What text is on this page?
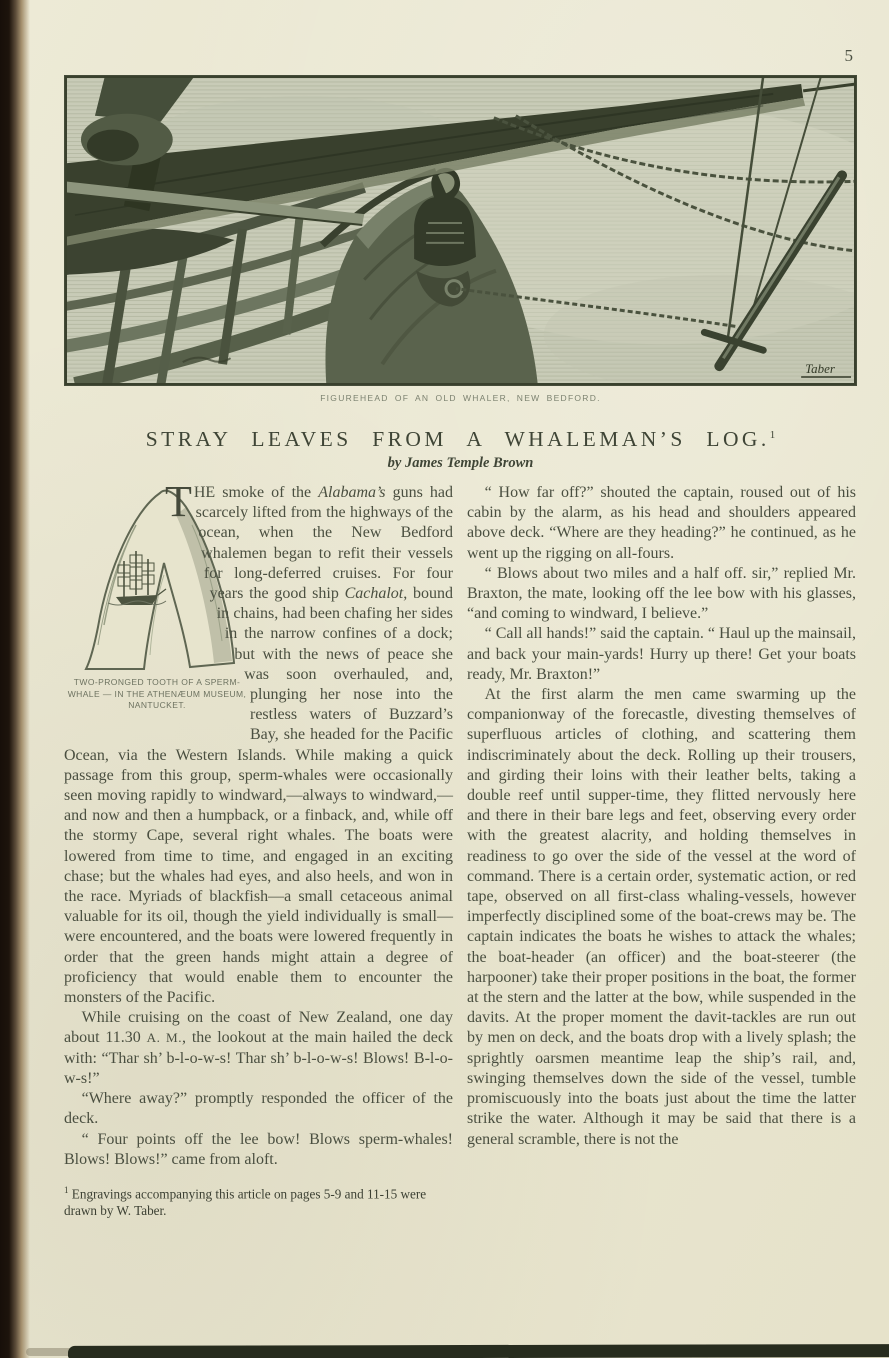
5
Taber
FIGUREHEAD OF AN OLD WHALER, NEW BEDFORD.
STRAY LEAVES FROM A WHALEMAN’S LOG.$^1$
by James Temple Brown
TWO-PRONGED TOOTH OF A SPERM-WHALE — IN THE ATHENÆUM MUSEUM, NANTUCKET.
T HE smoke of the Alabama’s guns had scarcely lifted from the highways of the ocean, when the New Bedford whalemen began to refit their vessels for long-deferred cruises. For four years the good ship Cachalot, bound in chains, had been chafing her sides in the narrow confines of a dock; but with the news of peace she was soon overhauled, and, plunging her nose into the restless waters of Buzzard’s Bay, she headed for the Pacific Ocean, via the Western Islands. While making a quick passage from this group, sperm-whales were occasionally seen moving rapidly to windward,—always to windward,—and now and then a humpback, or a finback, and, while off the stormy Cape, several right whales. The boats were lowered from time to time, and engaged in an exciting chase; but the whales had eyes, and also heels, and won in the race. Myriads of blackfish—a small cetaceous animal valuable for its oil, though the yield individually is small—were encountered, and the boats were lowered frequently in order that the green hands might attain a degree of proficiency that would enable them to encounter the monsters of the Pacific.

While cruising on the coast of New Zealand, one day about 11.30 A. M., the lookout at the main hailed the deck with: “Thar sh’ b-l-o-w-s! Thar sh’ b-l-o-w-s! Blows! B-l-o-w-s!”

“Where away?” promptly responded the officer of the deck.

“ Four points off the lee bow! Blows sperm-whales! Blows! Blows!” came from aloft.

$^1$ Engravings accompanying this article on pages 5-9 and 11-15 were drawn by W. Taber.

“ How far off?” shouted the captain, roused out of his cabin by the alarm, as his head and shoulders appeared above deck. “Where are they heading?” he continued, as he went up the rigging on all-fours.

“ Blows about two miles and a half off. sir,” replied Mr. Braxton, the mate, looking off the lee bow with his glasses, “and coming to windward, I believe.”

“ Call all hands!” said the captain. “ Haul up the mainsail, and back your main-yards! Hurry up there! Get your boats ready, Mr. Braxton!”

At the first alarm the men came swarming up the companionway of the forecastle, divesting themselves of superfluous articles of clothing, and scattering them indiscriminately about the deck. Rolling up their trousers, and girding their loins with their leather belts, taking a double reef until supper-time, they flitted nervously here and there in their bare legs and feet, observing every order with the greatest alacrity, and holding themselves in readiness to go over the side of the vessel at the word of command. There is a certain order, systematic action, or red tape, observed on all first-class whaling-vessels, however imperfectly disciplined some of the boat-crews may be. The captain indicates the boats he wishes to attack the whales; the boat-header (an officer) and the boat-steerer (the harpooner) take their proper positions in the boat, the former at the stern and the latter at the bow, while suspended in the davits. At the proper moment the davit-tackles are run out by men on deck, and the boats drop with a lively splash; the sprightly oarsmen meantime leap the ship’s rail, and, swinging themselves down the side of the vessel, tumble promiscuously into the boats just about the time the latter strike the water. Although it may be said that there is a general scramble, there is not the
